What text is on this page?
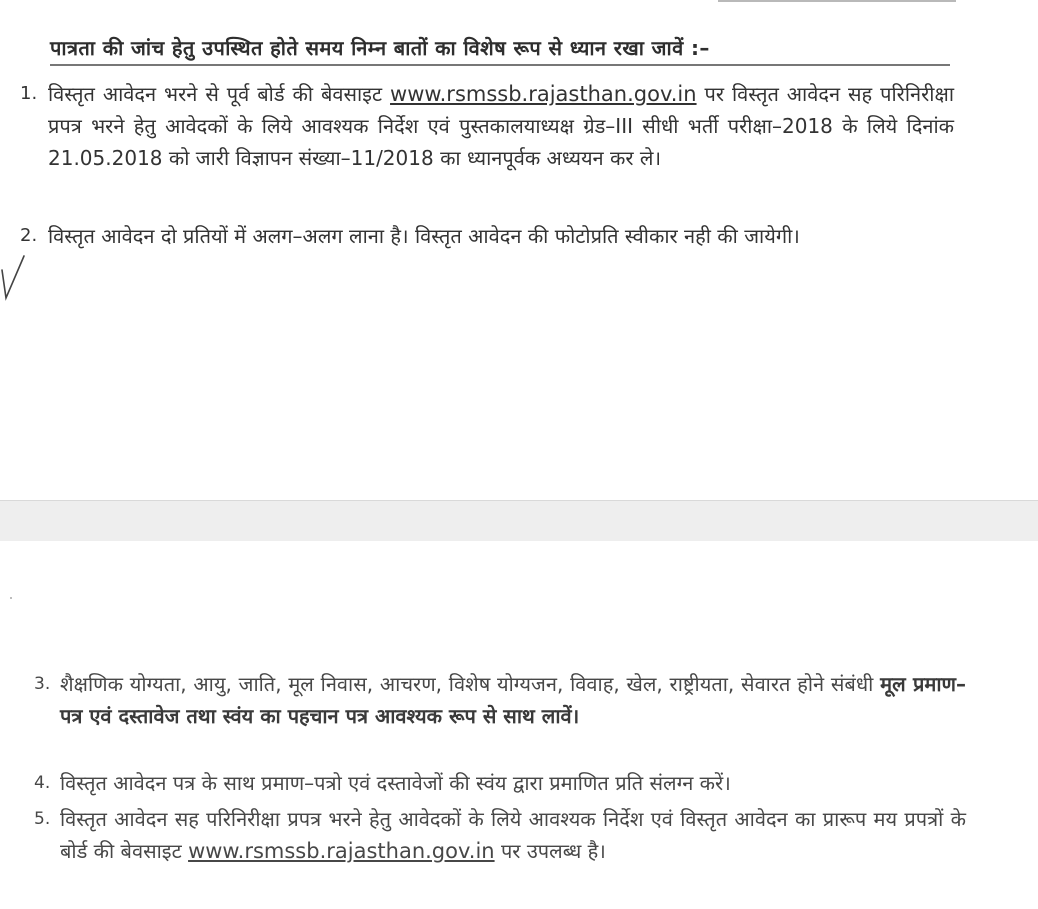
पात्रता की जांच हेतु उपस्थित होते समय निम्न बातों का विशेष रूप से ध्यान रखा जावें :–
1. विस्तृत आवेदन भरने से पूर्व बोर्ड की बेवसाइट www.rsmssb.rajasthan.gov.in पर विस्तृत आवेदन सह परिनिरीक्षा प्रपत्र भरने हेतु आवेदकों के लिये आवश्यक निर्देश एवं पुस्तकालयाध्यक्ष ग्रेड–III सीधी भर्ती परीक्षा–2018 के लिये दिनांक 21.05.2018 को जारी विज्ञापन संख्या–11/2018 का ध्यानपूर्वक अध्ययन कर ले।
2. विस्तृत आवेदन दो प्रतियों में अलग–अलग लाना है। विस्तृत आवेदन की फोटोप्रति स्वीकार नही की जायेगी।
3. शैक्षणिक योग्यता, आयु, जाति, मूल निवास, आचरण, विशेष योग्यजन, विवाह, खेल, राष्ट्रीयता, सेवारत होने संबंधी मूल प्रमाण–पत्र एवं दस्तावेज तथा स्वंय का पहचान पत्र आवश्यक रूप से साथ लावें।
4. विस्तृत आवेदन पत्र के साथ प्रमाण–पत्रो एवं दस्तावेजों की स्वंय द्वारा प्रमाणित प्रति संलग्न करें।
5. विस्तृत आवेदन सह परिनिरीक्षा प्रपत्र भरने हेतु आवेदकों के लिये आवश्यक निर्देश एवं विस्तृत आवेदन का प्रारूप मय प्रपत्रों के बोर्ड की बेवसाइट www.rsmssb.rajasthan.gov.in पर उपलब्ध है।
